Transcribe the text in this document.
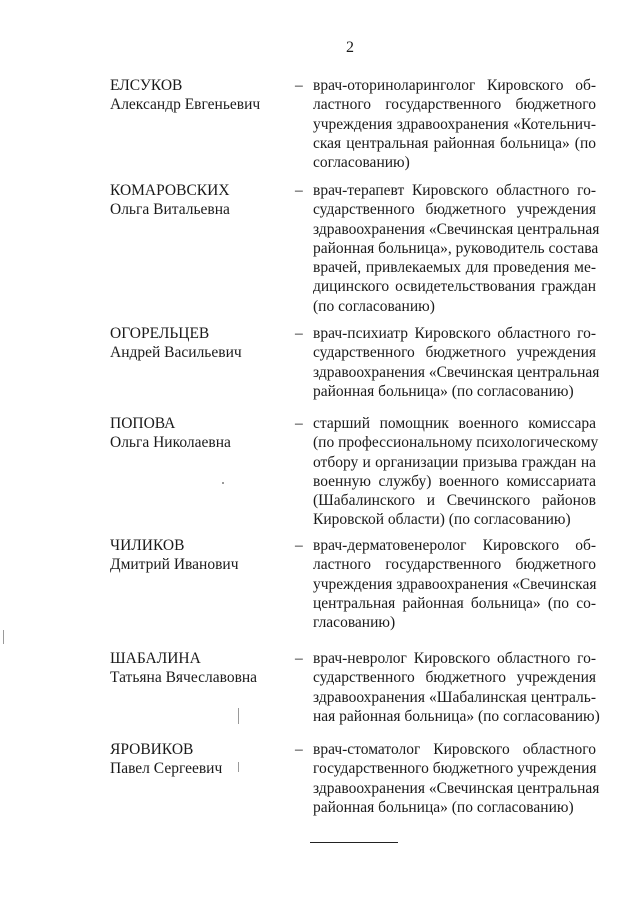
2
ЕЛСУКОВ
Александр Евгеньевич
– врач-оториноларинголог Кировского об-
ластного государственного бюджетного
учреждения здравоохранения «Котельнич-
ская центральная районная больница» (по
согласованию)

КОМАРОВСКИХ
Ольга Витальевна
– врач-терапевт Кировского областного го-
сударственного бюджетного учреждения
здравоохранения «Свечинская центральная
районная больница», руководитель состава
врачей, привлекаемых для проведения ме-
дицинского освидетельствования граждан
(по согласованию)

ОГОРЕЛЬЦЕВ
Андрей Васильевич
– врач-психиатр Кировского областного го-
сударственного бюджетного учреждения
здравоохранения «Свечинская центральная
районная больница» (по согласованию)

ПОПОВА
Ольга Николаевна
– старший помощник военного комиссара
(по профессиональному психологическому
отбору и организации призыва граждан на
военную службу) военного комиссариата
(Шабалинского и Свечинского районов
Кировской области) (по согласованию)

ЧИЛИКОВ
Дмитрий Иванович
– врач-дерматовенеролог Кировского об-
ластного государственного бюджетного
учреждения здравоохранения «Свечинская
центральная районная больница» (по со-
гласованию)

ШАБАЛИНА
Татьяна Вячеславовна
– врач-невролог Кировского областного го-
сударственного бюджетного учреждения
здравоохранения «Шабалинская централь-
ная районная больница» (по согласованию)

ЯРОВИКОВ
Павел Сергеевич
– врач-стоматолог Кировского областного
государственного бюджетного учреждения
здравоохранения «Свечинская центральная
районная больница» (по согласованию)
